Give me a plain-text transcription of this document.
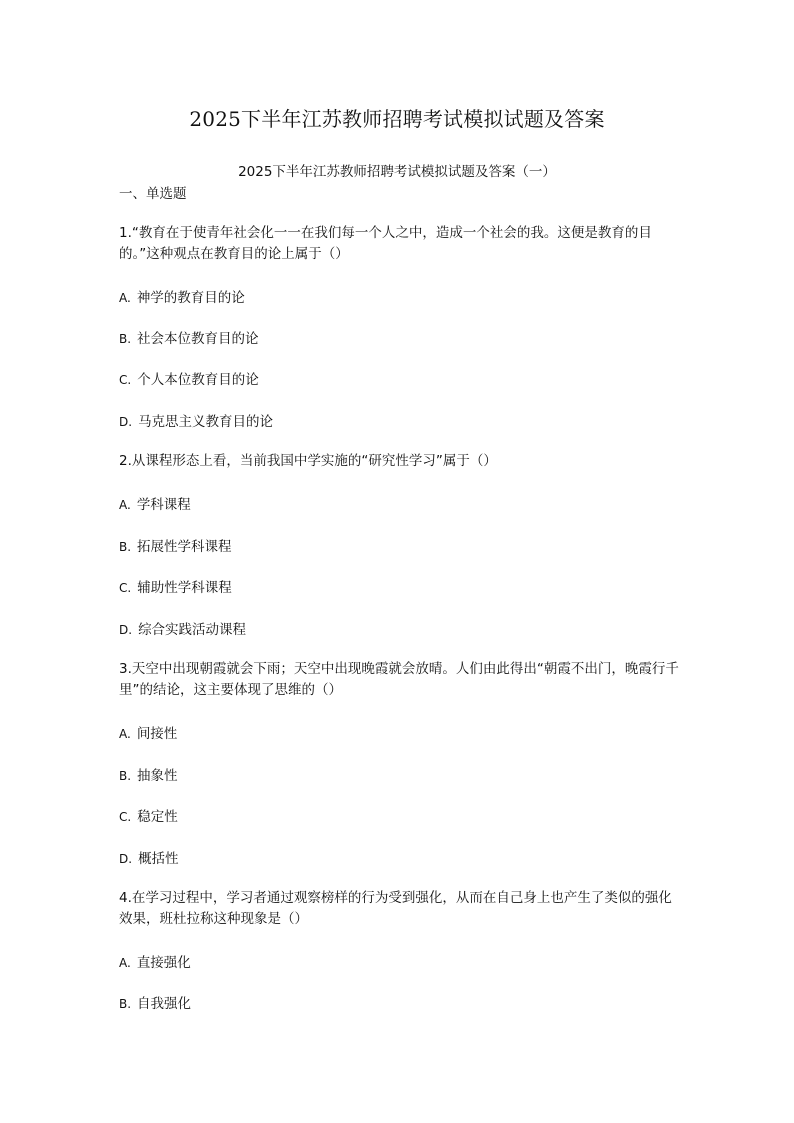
2025下半年江苏教师招聘考试模拟试题及答案
2025下半年江苏教师招聘考试模拟试题及答案（一）
一、单选题
1.“教育在于使青年社会化一一在我们每一个人之中，造成一个社会的我。这便是教育的目的。”这种观点在教育目的论上属于（）
A. 神学的教育目的论
B. 社会本位教育目的论
C. 个人本位教育目的论
D. 马克思主义教育目的论
2.从课程形态上看，当前我国中学实施的“研究性学习”属于（）
A. 学科课程
B. 拓展性学科课程
C. 辅助性学科课程
D. 综合实践活动课程
3.天空中出现朝霞就会下雨；天空中出现晚霞就会放晴。人们由此得出“朝霞不出门，晚霞行千里”的结论，这主要体现了思维的（）
A. 间接性
B. 抽象性
C. 稳定性
D. 概括性
4.在学习过程中，学习者通过观察榜样的行为受到强化，从而在自己身上也产生了类似的强化效果，班杜拉称这种现象是（）
A. 直接强化
B. 自我强化
